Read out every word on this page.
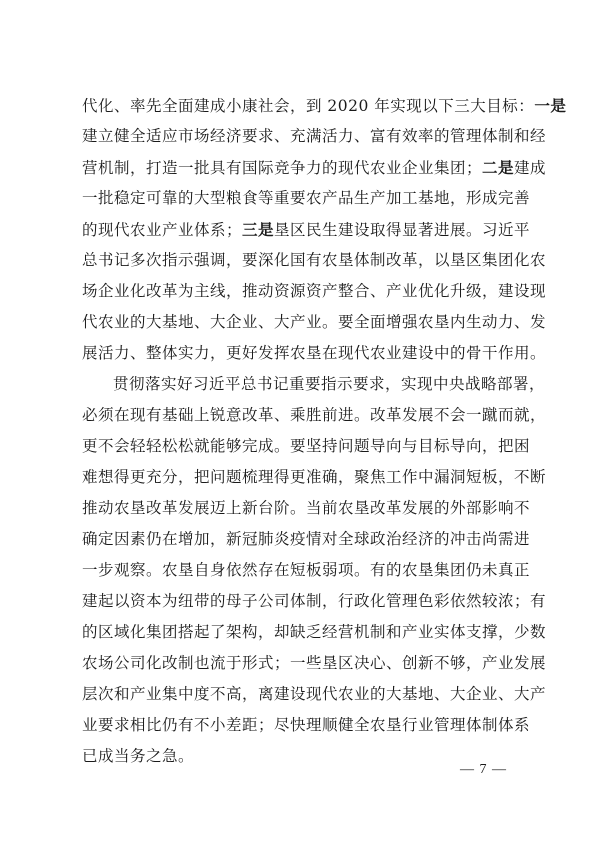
代化、率先全面建成小康社会，到 2020 年实现以下三大目标：一是
建立健全适应市场经济要求、充满活力、富有效率的管理体制和经
营机制，打造一批具有国际竞争力的现代农业企业集团；二是建成
一批稳定可靠的大型粮食等重要农产品生产加工基地，形成完善
的现代农业产业体系；三是垦区民生建设取得显著进展。习近平
总书记多次指示强调，要深化国有农垦体制改革，以垦区集团化农
场企业化改革为主线，推动资源资产整合、产业优化升级，建设现
代农业的大基地、大企业、大产业。要全面增强农垦内生动力、发
展活力、整体实力，更好发挥农垦在现代农业建设中的骨干作用。
贯彻落实好习近平总书记重要指示要求，实现中央战略部署，
必须在现有基础上锐意改革、乘胜前进。改革发展不会一蹴而就，
更不会轻轻松松就能够完成。要坚持问题导向与目标导向，把困
难想得更充分，把问题梳理得更准确，聚焦工作中漏洞短板，不断
推动农垦改革发展迈上新台阶。当前农垦改革发展的外部影响不
确定因素仍在增加，新冠肺炎疫情对全球政治经济的冲击尚需进
一步观察。农垦自身依然存在短板弱项。有的农垦集团仍未真正
建起以资本为纽带的母子公司体制，行政化管理色彩依然较浓；有
的区域化集团搭起了架构，却缺乏经营机制和产业实体支撑，少数
农场公司化改制也流于形式；一些垦区决心、创新不够，产业发展
层次和产业集中度不高，离建设现代农业的大基地、大企业、大产
业要求相比仍有不小差距；尽快理顺健全农垦行业管理体制体系
已成当务之急。
— 7 —
